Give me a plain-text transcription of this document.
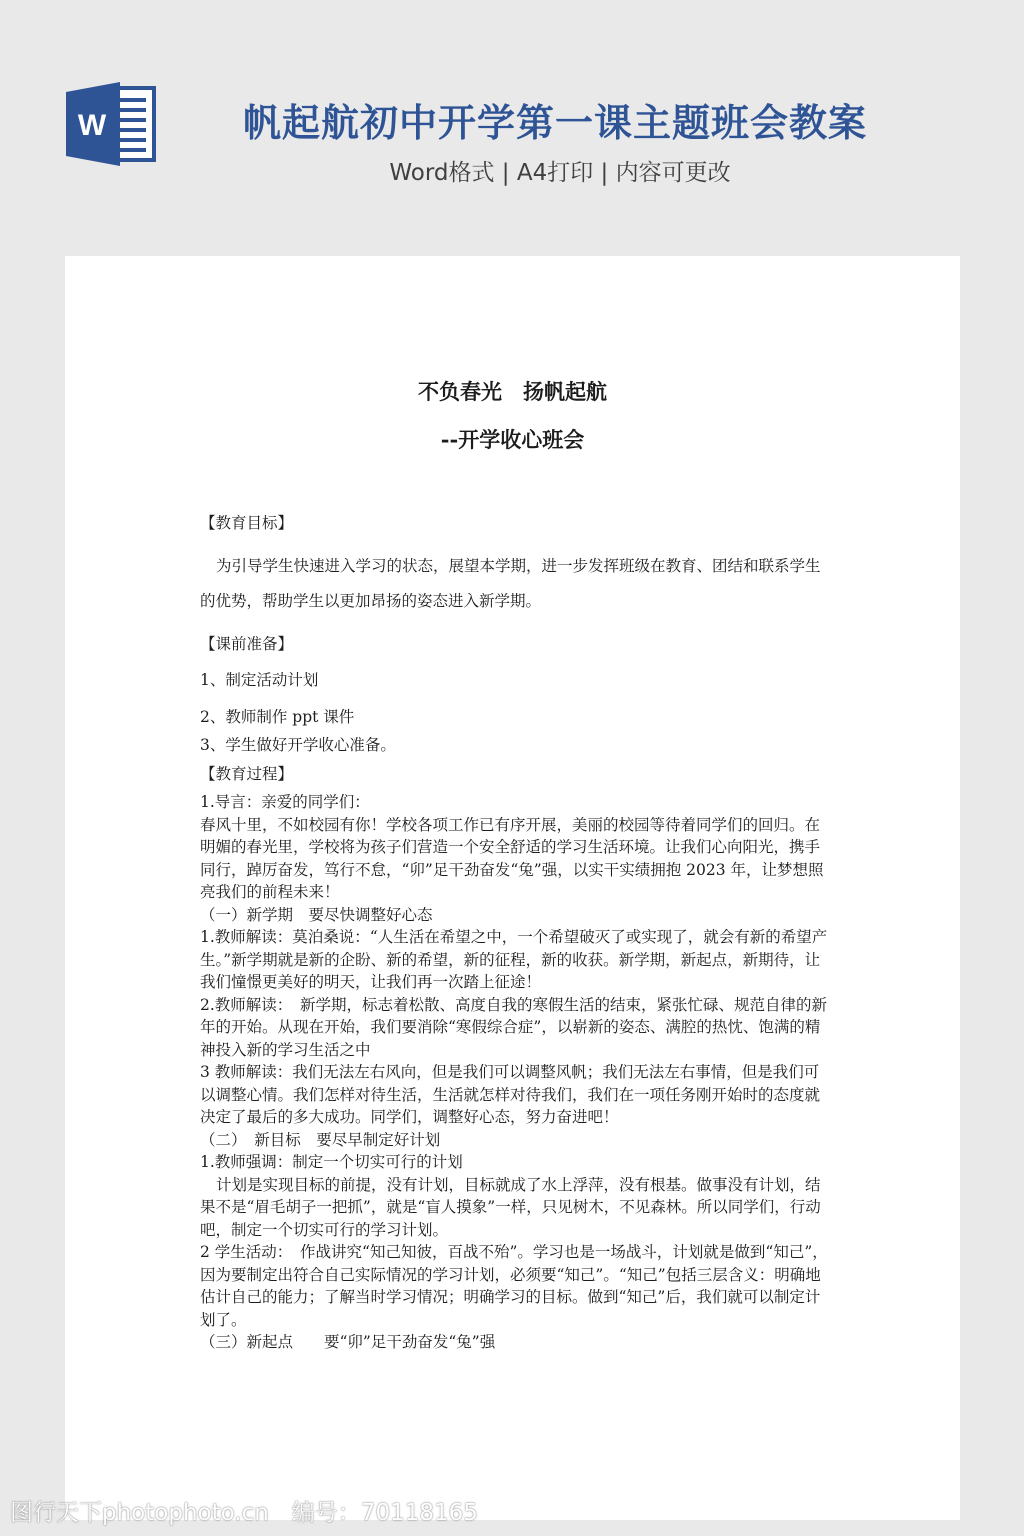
W	帆起航初中开学第一课主题班会教案

Word格式 | A4打印 | 内容可更改

不负春光　扬帆起航
--开学收心班会

【教育目标】

为引导学生快速进入学习的状态，展望本学期，进一步发挥班级在教育、团结和联系学生的优势，帮助学生以更加昂扬的姿态进入新学期。

【课前准备】

1、制定活动计划

2、教师制作 ppt 课件

3、学生做好开学收心准备。

【教育过程】

1.导言：亲爱的同学们：

春风十里，不如校园有你！学校各项工作已有序开展，美丽的校园等待着同学们的回归。在明媚的春光里，学校将为孩子们营造一个安全舒适的学习生活环境。让我们心向阳光，携手同行，踔厉奋发，笃行不怠，“卯”足干劲奋发“兔”强，以实干实绩拥抱 2023 年，让梦想照亮我们的前程未来！

（一）新学期　要尽快调整好心态

1.教师解读：莫泊桑说：“人生活在希望之中，一个希望破灭了或实现了，就会有新的希望产生。”新学期就是新的企盼、新的希望，新的征程，新的收获。新学期，新起点，新期待，让我们憧憬更美好的明天，让我们再一次踏上征途！

2.教师解读：　新学期，标志着松散、高度自我的寒假生活的结束，紧张忙碌、规范自律的新年的开始。从现在开始，我们要消除“寒假综合症”，以崭新的姿态、满腔的热忱、饱满的精神投入新的学习生活之中

3 教师解读：我们无法左右风向，但是我们可以调整风帆；我们无法左右事情，但是我们可以调整心情。我们怎样对待生活，生活就怎样对待我们，我们在一项任务刚开始时的态度就决定了最后的多大成功。同学们，调整好心态，努力奋进吧！

（二）　新目标　要尽早制定好计划

1.教师强调：制定一个切实可行的计划

计划是实现目标的前提，没有计划，目标就成了水上浮萍，没有根基。做事没有计划，结果不是“眉毛胡子一把抓”，就是“盲人摸象”一样，只见树木，不见森林。所以同学们，行动吧，制定一个切实可行的学习计划。

2 学生活动：　作战讲究“知己知彼，百战不殆”。学习也是一场战斗，计划就是做到“知己”，因为要制定出符合自己实际情况的学习计划，必须要“知己”。“知己”包括三层含义：明确地估计自己的能力；了解当时学习情况；明确学习的目标。做到“知己”后，我们就可以制定计划了。

（三）新起点　　要“卯”足干劲奋发“兔”强

图行天下photophoto.cn　编号：70118165
